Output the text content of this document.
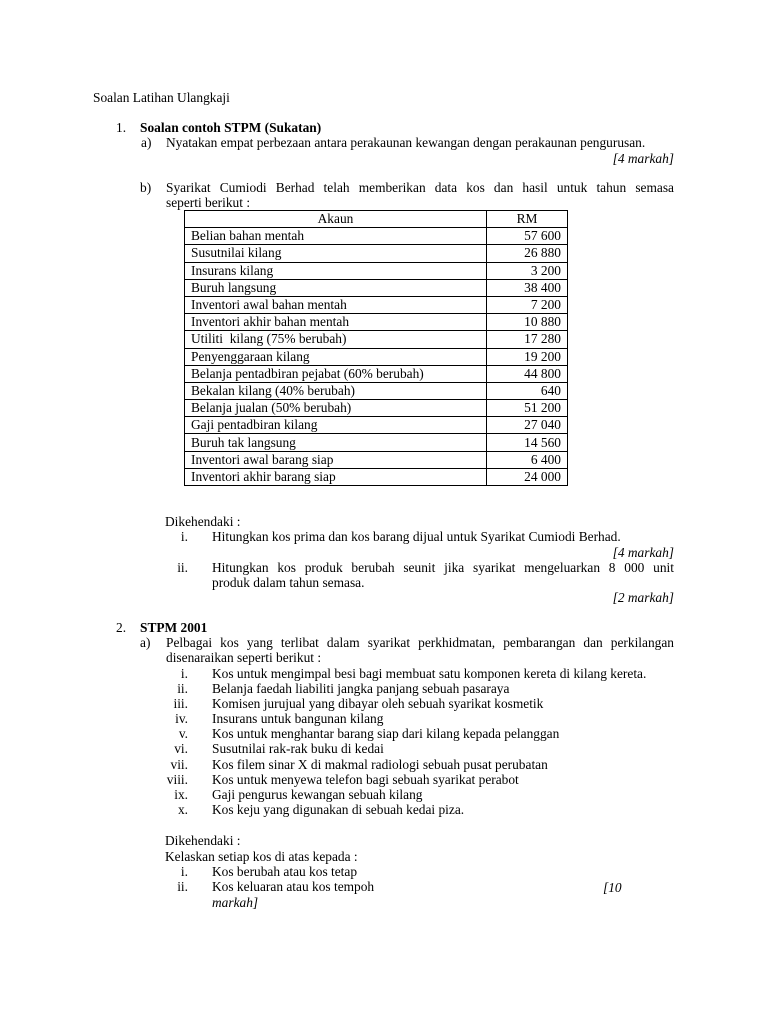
Soalan Latihan Ulangkaji
1. Soalan contoh STPM (Sukatan)
a) Nyatakan empat perbezaan antara perakaunan kewangan dengan perakaunan pengurusan.
[4 markah]
b) Syarikat Cumiodi Berhad telah memberikan data kos dan hasil untuk tahun semasa
seperti berikut :
Akaun	RM
Belian bahan mentah	57 600
Susutnilai kilang	26 880
Insurans kilang	3 200
Buruh langsung	38 400
Inventori awal bahan mentah	7 200
Inventori akhir bahan mentah	10 880
Utiliti  kilang (75% berubah)	17 280
Penyenggaraan kilang	19 200
Belanja pentadbiran pejabat (60% berubah)	44 800
Bekalan kilang (40% berubah)	640
Belanja jualan (50% berubah)	51 200
Gaji pentadbiran kilang	27 040
Buruh tak langsung	14 560
Inventori awal barang siap	6 400
Inventori akhir barang siap	24 000
Dikehendaki :
i. Hitungkan kos prima dan kos barang dijual untuk Syarikat Cumiodi Berhad.
[4 markah]
ii. Hitungkan kos produk berubah seunit jika syarikat mengeluarkan 8 000 unit
produk dalam tahun semasa.
[2 markah]
2. STPM 2001
a) Pelbagai kos yang terlibat dalam syarikat perkhidmatan, pembarangan dan perkilangan
disenaraikan seperti berikut :
i. Kos untuk mengimpal besi bagi membuat satu komponen kereta di kilang kereta.
ii. Belanja faedah liabiliti jangka panjang sebuah pasaraya
iii. Komisen jurujual yang dibayar oleh sebuah syarikat kosmetik
iv. Insurans untuk bangunan kilang
v. Kos untuk menghantar barang siap dari kilang kepada pelanggan
vi. Susutnilai rak-rak buku di kedai
vii. Kos filem sinar X di makmal radiologi sebuah pusat perubatan
viii. Kos untuk menyewa telefon bagi sebuah syarikat perabot
ix. Gaji pengurus kewangan sebuah kilang
x. Kos keju yang digunakan di sebuah kedai piza.
Dikehendaki :
Kelaskan setiap kos di atas kepada :
i. Kos berubah atau kos tetap
ii. Kos keluaran atau kos tempoh	[10
markah]
